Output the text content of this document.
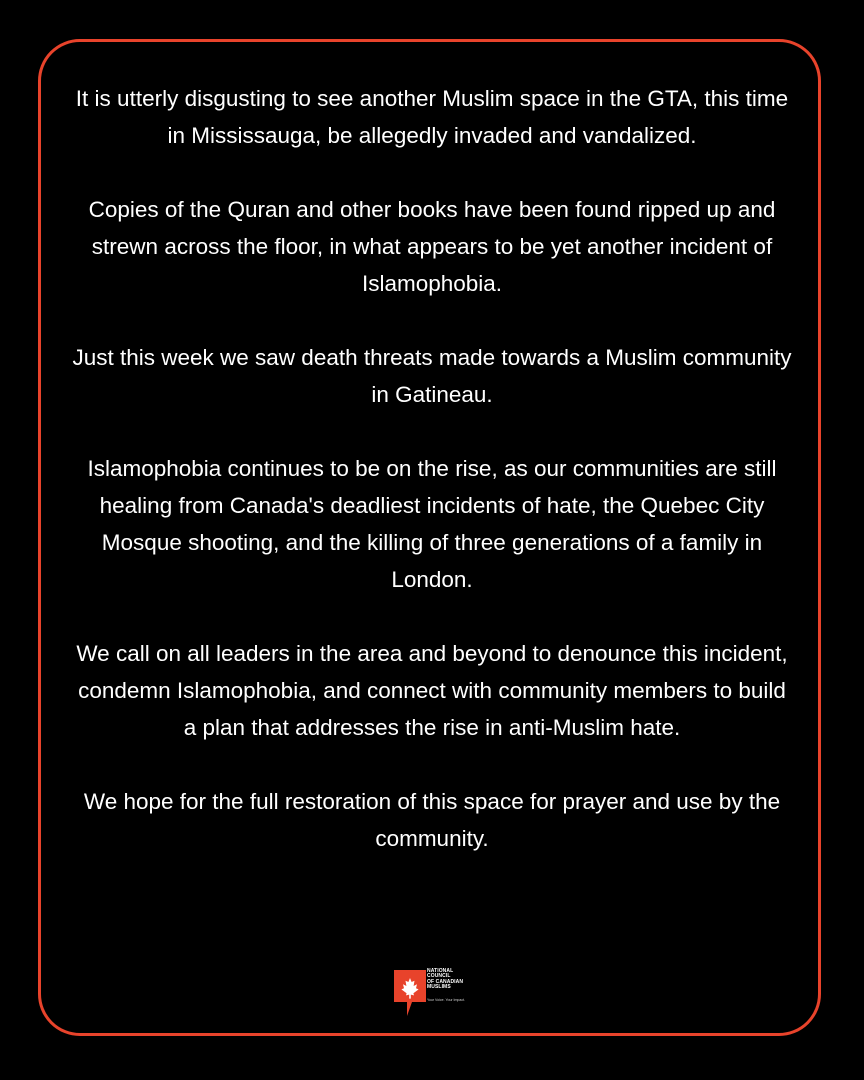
It is utterly disgusting to see another Muslim space in the GTA, this time in Mississauga, be allegedly invaded and vandalized.

Copies of the Quran and other books have been found ripped up and strewn across the floor, in what appears to be yet another incident of Islamophobia.

Just this week we saw death threats made towards a Muslim community in Gatineau.

Islamophobia continues to be on the rise, as our communities are still healing from Canada's deadliest incidents of hate, the Quebec City Mosque shooting, and the killing of three generations of a family in London.

We call on all leaders in the area and beyond to denounce this incident, condemn Islamophobia, and connect with community members to build a plan that addresses the rise in anti-Muslim hate.

We hope for the full restoration of this space for prayer and use by the community.

NATIONAL
COUNCIL
OF CANADIAN
MUSLIMS
Your Voice. Your Impact.
